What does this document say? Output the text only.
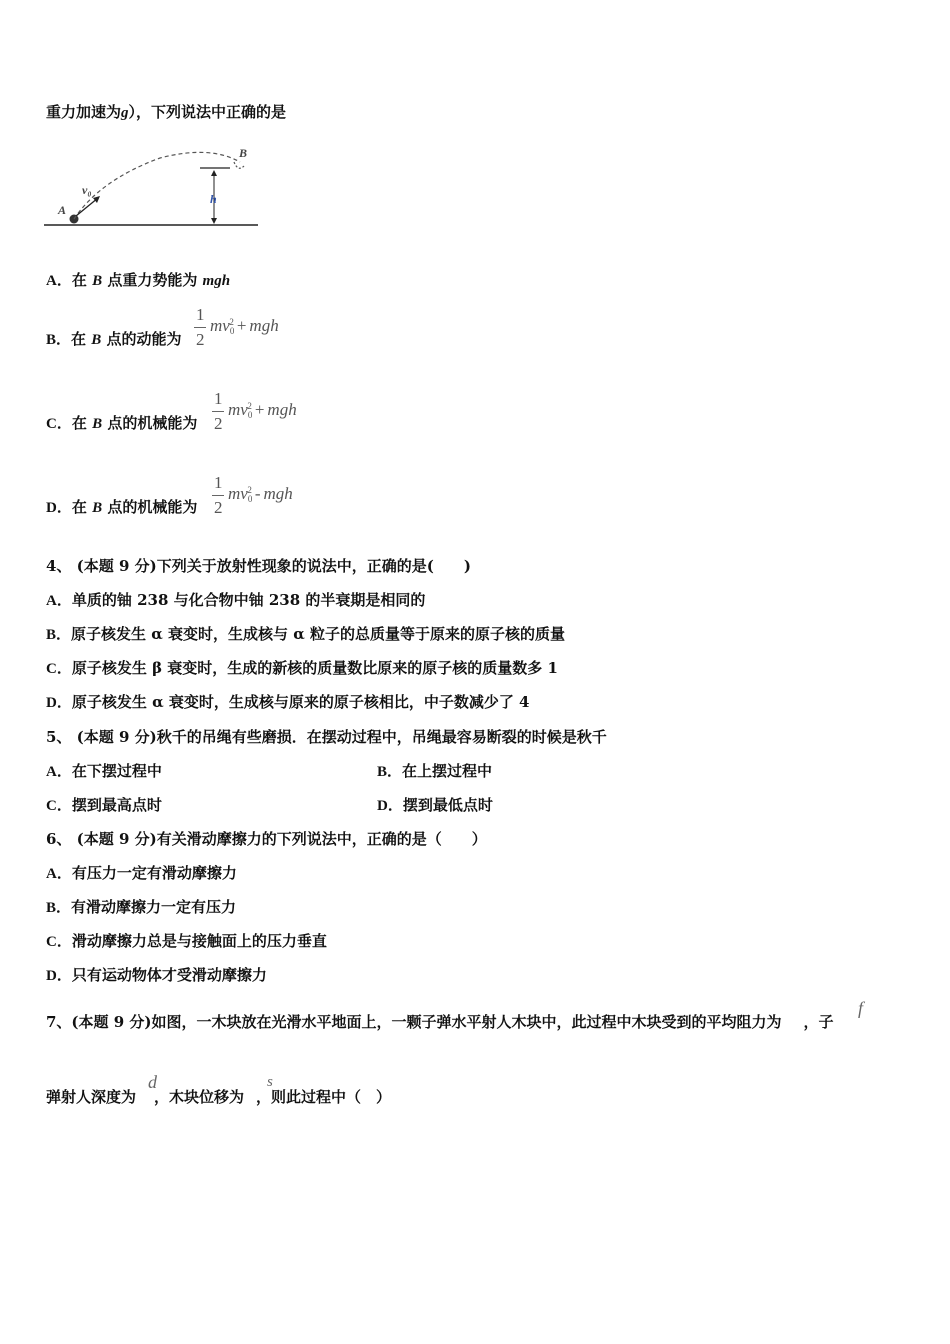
重力加速为g），下列说法中正确的是
A
v₀
B
h
A．在 B 点重力势能为 mgh
B．在 B 点的动能为
1
2
$mv_0^2$ + mgh
C．在 B 点的机械能为
1
2
$mv_0^2$ + mgh
D．在 B 点的机械能为
1
2
$mv_0^2$ - mgh
4、 (本题 9 分)下列关于放射性现象的说法中，正确的是(　　)
A．单质的铀 238 与化合物中铀 238 的半衰期是相同的
B．原子核发生 α 衰变时，生成核与 α 粒子的总质量等于原来的原子核的质量
C．原子核发生 β 衰变时，生成的新核的质量数比原来的原子核的质量数多 1
D．原子核发生 α 衰变时，生成核与原来的原子核相比，中子数减少了 4
5、 (本题 9 分)秋千的吊绳有些磨损．在摆动过程中，吊绳最容易断裂的时候是秋千
A．在下摆过程中	B．在上摆过程中
C．摆到最高点时	D．摆到最低点时
6、 (本题 9 分)有关滑动摩擦力的下列说法中，正确的是（　　）
A．有压力一定有滑动摩擦力
B．有滑动摩擦力一定有压力
C．滑动摩擦力总是与接触面上的压力垂直
D．只有运动物体才受滑动摩擦力
7、(本题 9 分)如图，一木块放在光滑水平地面上，一颗子弹水平射人木块中，此过程中木块受到的平均阻力为 ，子
f
弹射人深度为 ，木块位移为 ，则此过程中（　）
d	s
